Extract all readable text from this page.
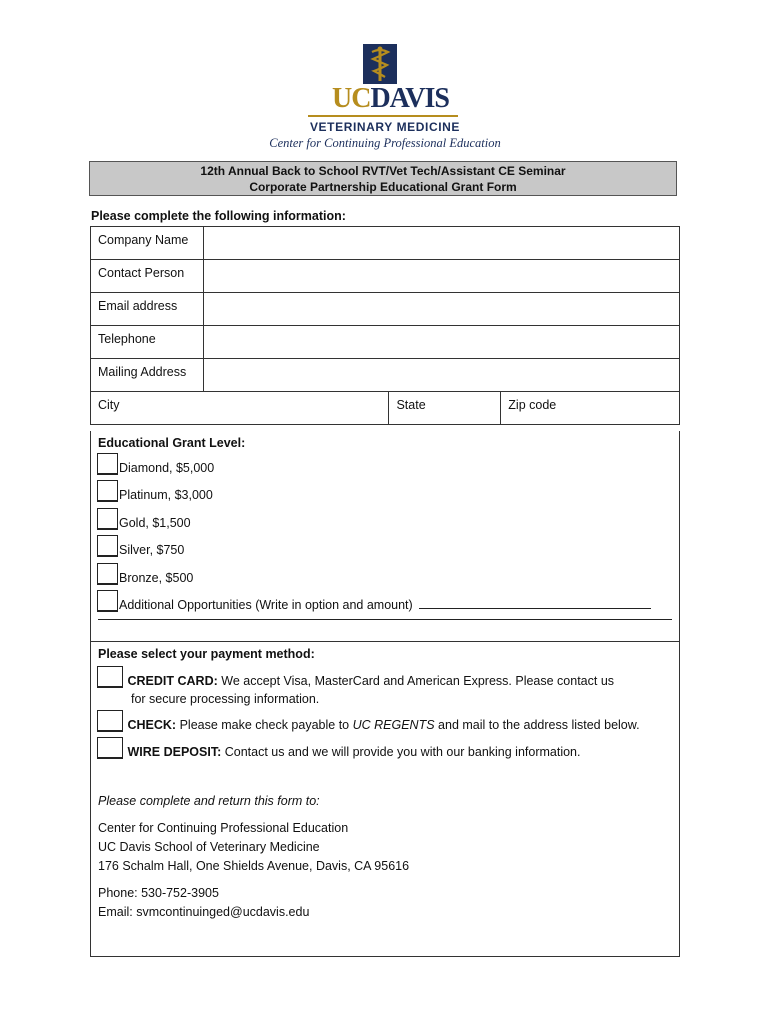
UCDAVIS
VETERINARY MEDICINE
Center for Continuing Professional Education
12th Annual Back to School RVT/Vet Tech/Assistant CE Seminar
Corporate Partnership Educational Grant Form
Please complete the following information:
Company Name			
Contact Person			
Email address			
Telephone			
Mailing Address			
City		State	Zip code
Educational Grant Level:
Diamond, $5,000
Platinum, $3,000
Gold, $1,500
Silver, $750
Bronze, $500
Additional Opportunities (Write in option and amount)
Please select your payment method:
CREDIT CARD: We accept Visa, MasterCard and American Express. Please contact us
for secure processing information.
CHECK: Please make check payable to UC REGENTS and mail to the address listed below.
WIRE DEPOSIT: Contact us and we will provide you with our banking information.
Please complete and return this form to:
Center for Continuing Professional Education
UC Davis School of Veterinary Medicine
176 Schalm Hall, One Shields Avenue, Davis, CA 95616
Phone: 530-752-3905
Email: svmcontinuinged@ucdavis.edu
